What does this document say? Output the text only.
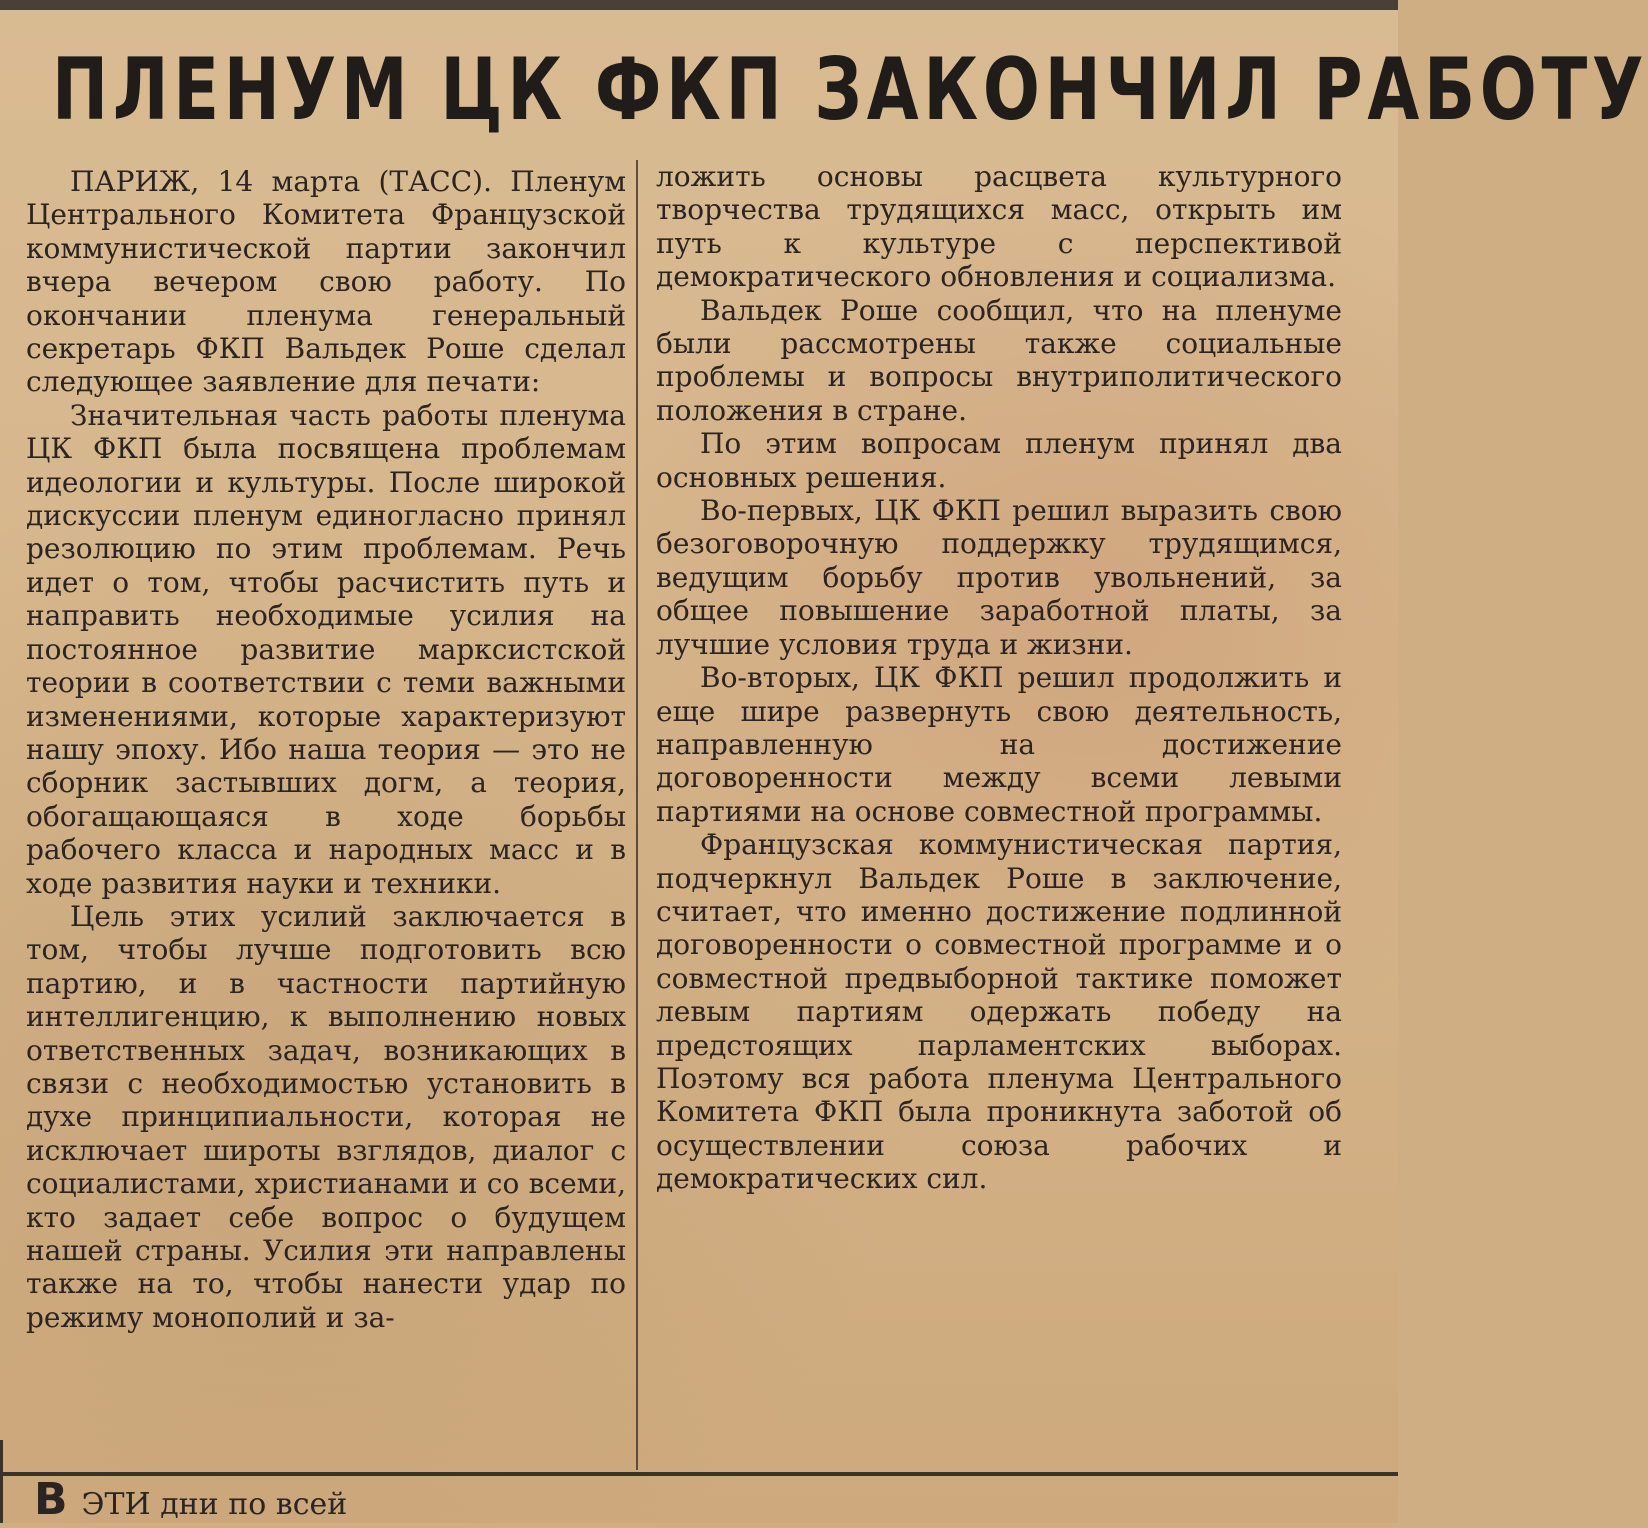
ПЛЕНУМ ЦК ФКП ЗАКОНЧИЛ РАБОТУ

ПАРИЖ, 14 марта (ТАСС). Пленум Центрального Комитета Французской коммунистической партии закончил вчера вечером свою работу. По окончании пленума генеральный секретарь ФКП Вальдек Роше сделал следующее заявление для печати:

Значительная часть работы пленума ЦК ФКП была посвящена проблемам идеологии и культуры. После широкой дискуссии пленум единогласно принял резолюцию по этим проблемам. Речь идет о том, чтобы расчистить путь и направить необходимые усилия на постоянное развитие марксистской теории в соответствии с теми важными изменениями, которые характеризуют нашу эпоху. Ибо наша теория — это не сборник застывших догм, а теория, обогащающаяся в ходе борьбы рабочего класса и народных масс и в ходе развития науки и техники.

Цель этих усилий заключается в том, чтобы лучше подготовить всю партию, и в частности партийную интеллигенцию, к выполнению новых ответственных задач, возникающих в связи с необходимостью установить в духе принципиальности, которая не исключает широты взглядов, диалог с социалистами, христианами и со всеми, кто задает себе вопрос о будущем нашей страны. Усилия эти направлены также на то, чтобы нанести удар по режиму монополий и за-

ложить основы расцвета культурного творчества трудящихся масс, открыть им путь к культуре с перспективой демократического обновления и социализма.

Вальдек Роше сообщил, что на пленуме были рассмотрены также социальные проблемы и вопросы внутриполитического положения в стране.

По этим вопросам пленум принял два основных решения.

Во-первых, ЦК ФКП решил выразить свою безоговорочную поддержку трудящимся, ведущим борьбу против увольнений, за общее повышение заработной платы, за лучшие условия труда и жизни.

Во-вторых, ЦК ФКП решил продолжить и еще шире развернуть свою деятельность, направленную на достижение договоренности между всеми левыми партиями на основе совместной программы.

Французская коммунистическая партия, подчеркнул Вальдек Роше в заключение, считает, что именно достижение подлинной договоренности о совместной программе и о совместной предвыборной тактике поможет левым партиям одержать победу на предстоящих парламентских выборах. Поэтому вся работа пленума Центрального Комитета ФКП была проникнута заботой об осуществлении союза рабочих и демократических сил.

В ЭТИ дни по всей
